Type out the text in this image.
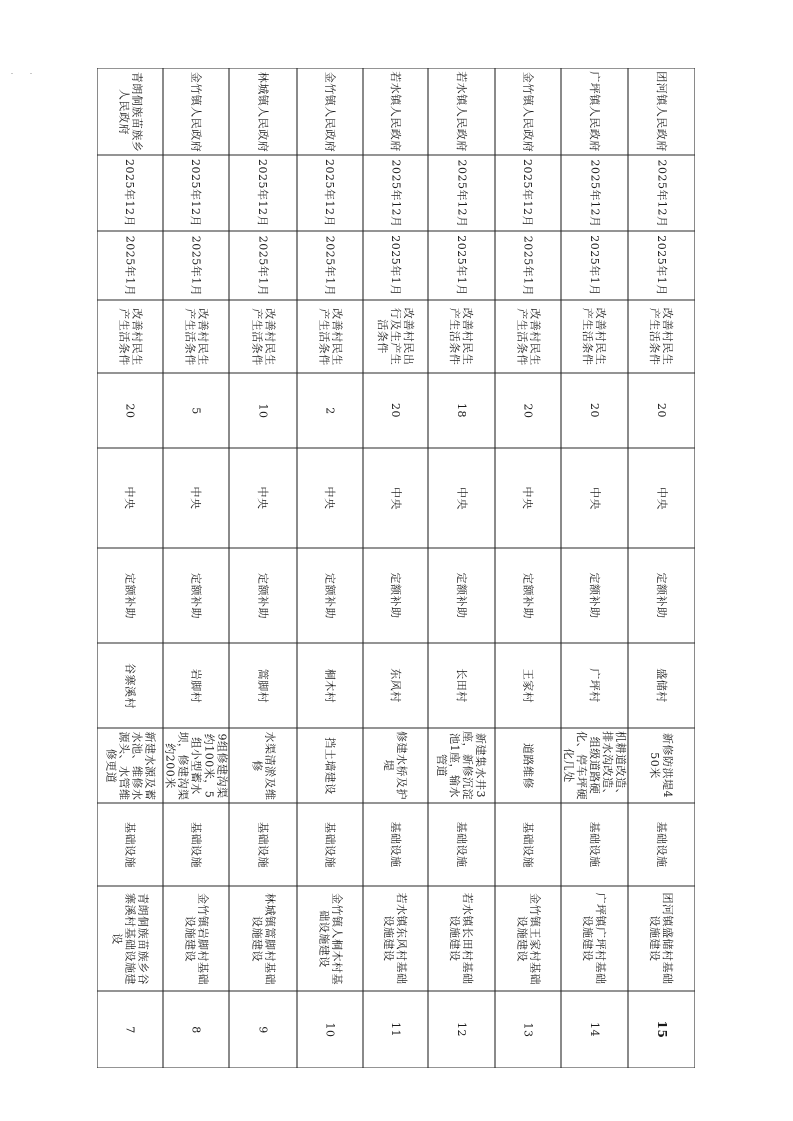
青朗侗族苗族乡人民政府
2025年12月
2025年1月
改善村民生产生活条件
20
中央
定额补助
谷寨溪村
新建水源及蓄水池、维修水源头、水管维修更道
基础设施
青朗侗族苗族乡谷寨溪村基础设施建设
7
金竹镇人民政府
2025年12月
2025年1月
改善村民生产生活条件
5
中央
定额补助
岩脚村
9组修建沟渠约100米，5组小型蓄水坝，修建沟渠约200米
基础设施
金竹镇岩脚村基础设施建设
8
林城镇人民政府
2025年12月
2025年1月
改善村民生产生活条件
10
中央
定额补助
篙脚村
水渠清淤及维修
基础设施
林城镇篙脚村基础设施建设
9
金竹镇人民政府
2025年12月
2025年1月
改善村民生产生活条件
2
中央
定额补助
桐木村
挡土墙建设
基础设施
金竹镇人桐木村基础设施建设
10
若水镇人民政府
2025年12月
2025年1月
改善村民出行及生产生活条件
20
中央
定额补助
东风村
修建水桥及护堤
基础设施
若水镇东风村基础设施建设
11
若水镇人民政府
2025年12月
2025年1月
改善村民生产生活条件
18
中央
定额补助
长田村
新建集水井3座，新修沉淀池1座，输水管道
基础设施
若水镇长田村基础设施建设
12
金竹镇人民政府
2025年12月
2025年1月
改善村民生产生活条件
20
中央
定额补助
王家村
道路维修
基础设施
金竹镇王家村基础设施建设
13
广坪镇人民政府
2025年12月
2025年1月
改善村民生产生活条件
20
中央
定额补助
广坪村
机耕道改造、排水沟改造、组级道路硬化、停车坪硬化几处
基础设施
广坪镇广坪村基础设施建设
14
团河镇人民政府
2025年12月
2025年1月
改善村民生产生活条件
20
中央
定额补助
盛储村
新修防洪堤450米
基础设施
团河镇盛储村基础设施建设
15
